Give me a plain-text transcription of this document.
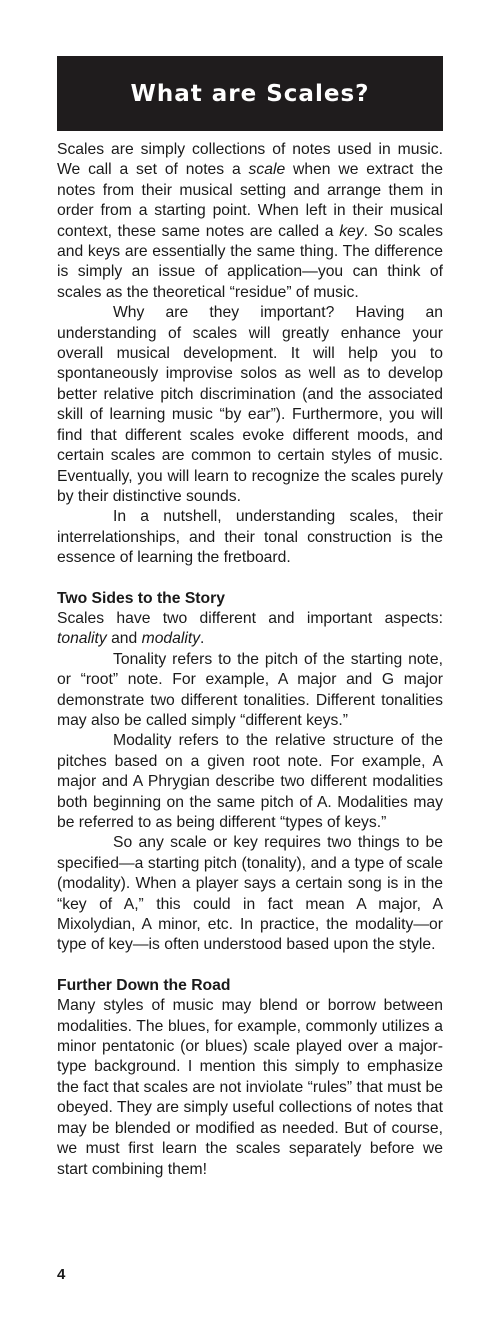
What are Scales?

Scales are simply collections of notes used in music. We call a set of notes a scale when we extract the notes from their musical setting and arrange them in order from a starting point. When left in their musical context, these same notes are called a key. So scales and keys are essentially the same thing. The difference is simply an issue of application—you can think of scales as the theoretical “residue” of music.

Why are they important? Having an understanding of scales will greatly enhance your overall musical development. It will help you to spontaneously improvise solos as well as to develop better relative pitch discrimination (and the associated skill of learning music “by ear”). Furthermore, you will find that different scales evoke different moods, and certain scales are common to certain styles of music. Eventually, you will learn to recognize the scales purely by their distinctive sounds.

In a nutshell, understanding scales, their interrelationships, and their tonal construction is the essence of learning the fretboard.

Two Sides to the Story

Scales have two different and important aspects: tonality and modality.

Tonality refers to the pitch of the starting note, or “root” note. For example, A major and G major demonstrate two different tonalities. Different tonalities may also be called simply “different keys.”

Modality refers to the relative structure of the pitches based on a given root note. For example, A major and A Phrygian describe two different modalities both beginning on the same pitch of A. Modalities may be referred to as being different “types of keys.”

So any scale or key requires two things to be specified—a starting pitch (tonality), and a type of scale (modality). When a player says a certain song is in the “key of A,” this could in fact mean A major, A Mixolydian, A minor, etc. In practice, the modality—or type of key—is often understood based upon the style.

Further Down the Road

Many styles of music may blend or borrow between modalities. The blues, for example, commonly utilizes a minor pentatonic (or blues) scale played over a major-type background. I mention this simply to emphasize the fact that scales are not inviolate “rules” that must be obeyed. They are simply useful collections of notes that may be blended or modified as needed. But of course, we must first learn the scales separately before we start combining them!

4
